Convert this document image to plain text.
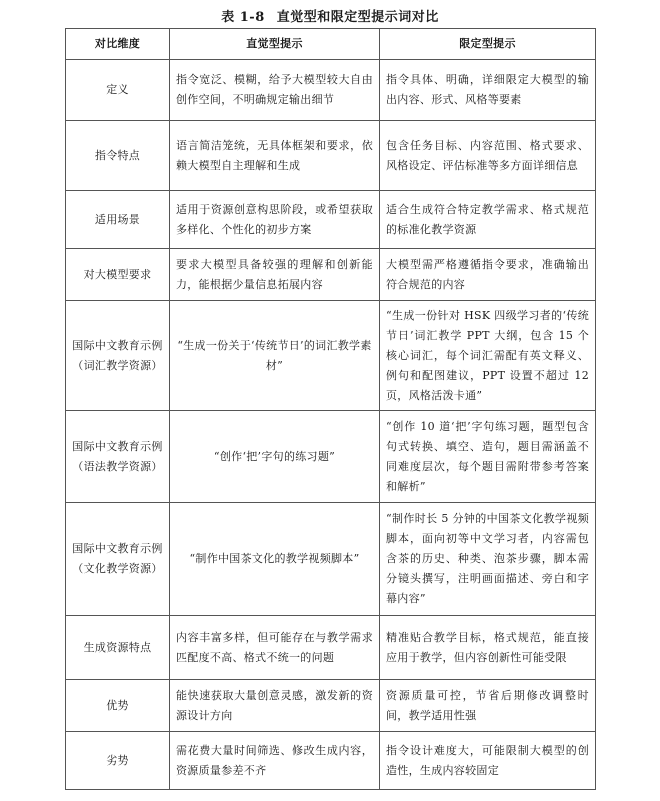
表 1-8 直觉型和限定型提示词对比
对比维度	直觉型提示	限定型提示
定义	指令宽泛、模糊，给予大模型较大自由创作空间，不明确规定输出细节	指令具体、明确，详细限定大模型的输出内容、形式、风格等要素
指令特点	语言简洁笼统，无具体框架和要求，依赖大模型自主理解和生成	包含任务目标、内容范围、格式要求、风格设定、评估标准等多方面详细信息
适用场景	适用于资源创意构思阶段，或希望获取多样化、个性化的初步方案	适合生成符合特定教学需求、格式规范的标准化教学资源
对大模型要求	要求大模型具备较强的理解和创新能力，能根据少量信息拓展内容	大模型需严格遵循指令要求，准确输出符合规范的内容
国际中文教育示例（词汇教学资源）	“生成一份关于‘传统节日’的词汇教学素材”	“生成一份针对 HSK 四级学习者的‘传统节日’词汇教学 PPT 大纲，包含 15 个核心词汇，每个词汇需配有英文释义、例句和配图建议，PPT 设置不超过 12 页，风格活泼卡通”
国际中文教育示例（语法教学资源）	“创作‘把’字句的练习题”	“创作 10 道‘把’字句练习题，题型包含句式转换、填空、造句，题目需涵盖不同难度层次，每个题目需附带参考答案和解析”
国际中文教育示例（文化教学资源）	“制作中国茶文化的教学视频脚本”	“制作时长 5 分钟的中国茶文化教学视频脚本，面向初等中文学习者，内容需包含茶的历史、种类、泡茶步骤，脚本需分镜头撰写，注明画面描述、旁白和字幕内容”
生成资源特点	内容丰富多样，但可能存在与教学需求匹配度不高、格式不统一的问题	精准贴合教学目标，格式规范，能直接应用于教学，但内容创新性可能受限
优势	能快速获取大量创意灵感，激发新的资源设计方向	资源质量可控，节省后期修改调整时间，教学适用性强
劣势	需花费大量时间筛选、修改生成内容，资源质量参差不齐	指令设计难度大，可能限制大模型的创造性，生成内容较固定
